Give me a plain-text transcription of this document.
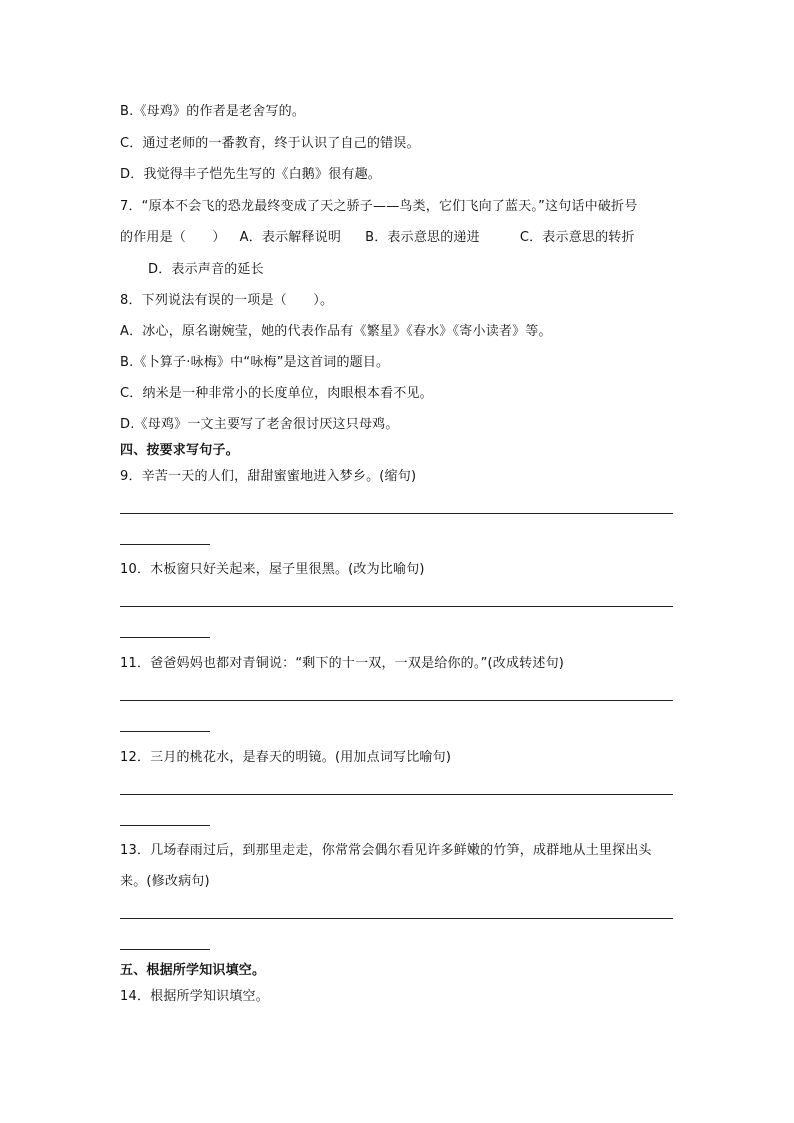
B.《母鸡》的作者是老舍写的。
C．通过老师的一番教育，终于认识了自己的错误。
D．我觉得丰子恺先生写的《白鹅》很有趣。
7．“原本不会飞的恐龙最终变成了天之骄子——鸟类，它们飞向了蓝天。”这句话中破折号
的作用是（　　） A．表示解释说明 B．表示意思的递进	C．表示意思的转折
D．表示声音的延长
8．下列说法有误的一项是（　　）。
A．冰心，原名谢婉莹，她的代表作品有《繁星》《春水》《寄小读者》等。
B.《卜算子·咏梅》中“咏梅”是这首词的题目。
C．纳米是一种非常小的长度单位，肉眼根本看不见。
D.《母鸡》一文主要写了老舍很讨厌这只母鸡。
四、按要求写句子。
9．辛苦一天的人们，甜甜蜜蜜地进入梦乡。(缩句)
10．木板窗只好关起来，屋子里很黑。(改为比喻句)
11．爸爸妈妈也都对青铜说：“剩下的十一双，一双是给你的。”(改成转述句)
12．三月的桃花水，是春天的明镜。(用加点词写比喻句)
13．几场春雨过后，到那里走走，你常常会偶尔看见许多鲜嫩的竹笋，成群地从土里探出头
来。(修改病句)
五、根据所学知识填空。
14．根据所学知识填空。
